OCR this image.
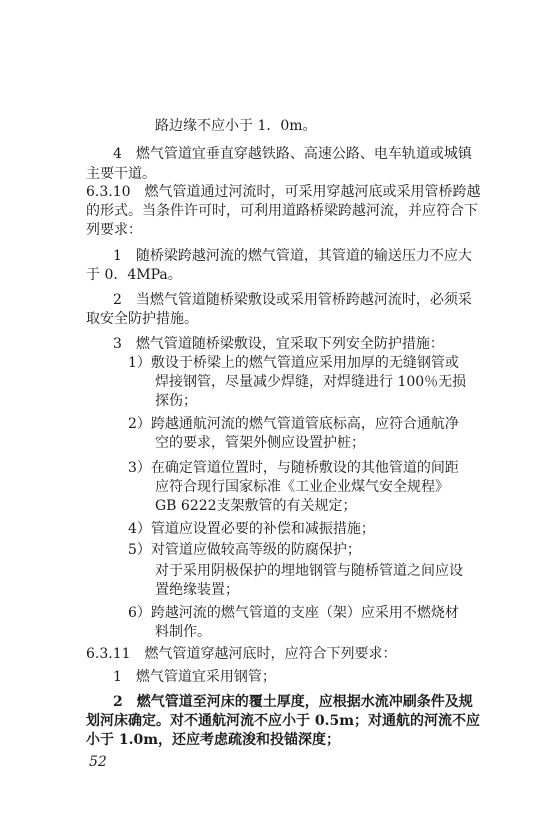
路边缘不应小于 1．0m。
4　燃气管道宜垂直穿越铁路、高速公路、电车轨道或城镇
主要干道。
6.3.10　燃气管道通过河流时，可采用穿越河底或采用管桥跨越
的形式。当条件许可时，可利用道路桥梁跨越河流，并应符合下
列要求：
1　随桥梁跨越河流的燃气管道，其管道的输送压力不应大
于 0．4MPa。
2　当燃气管道随桥梁敷设或采用管桥跨越河流时，必须采
取安全防护措施。
3　燃气管道随桥梁敷设，宜采取下列安全防护措施：
1）敷设于桥梁上的燃气管道应采用加厚的无缝钢管或
焊接钢管，尽量减少焊缝，对焊缝进行 100％无损
探伤；
2）跨越通航河流的燃气管道管底标高，应符合通航净
空的要求，管架外侧应设置护桩；
3）在确定管道位置时，与随桥敷设的其他管道的间距
应符合现行国家标准《工业企业煤气安全规程》
GB 6222支架敷管的有关规定；
4）管道应设置必要的补偿和减振措施；
5）对管道应做较高等级的防腐保护；
对于采用阴极保护的埋地钢管与随桥管道之间应设
置绝缘装置；
6）跨越河流的燃气管道的支座（架）应采用不燃烧材
料制作。
6.3.11　燃气管道穿越河底时，应符合下列要求：
1　燃气管道宜采用钢管；
2　燃气管道至河床的覆土厚度，应根据水流冲刷条件及规
划河床确定。对不通航河流不应小于 0.5m；对通航的河流不应
小于 1.0m，还应考虑疏浚和投锚深度；
52
